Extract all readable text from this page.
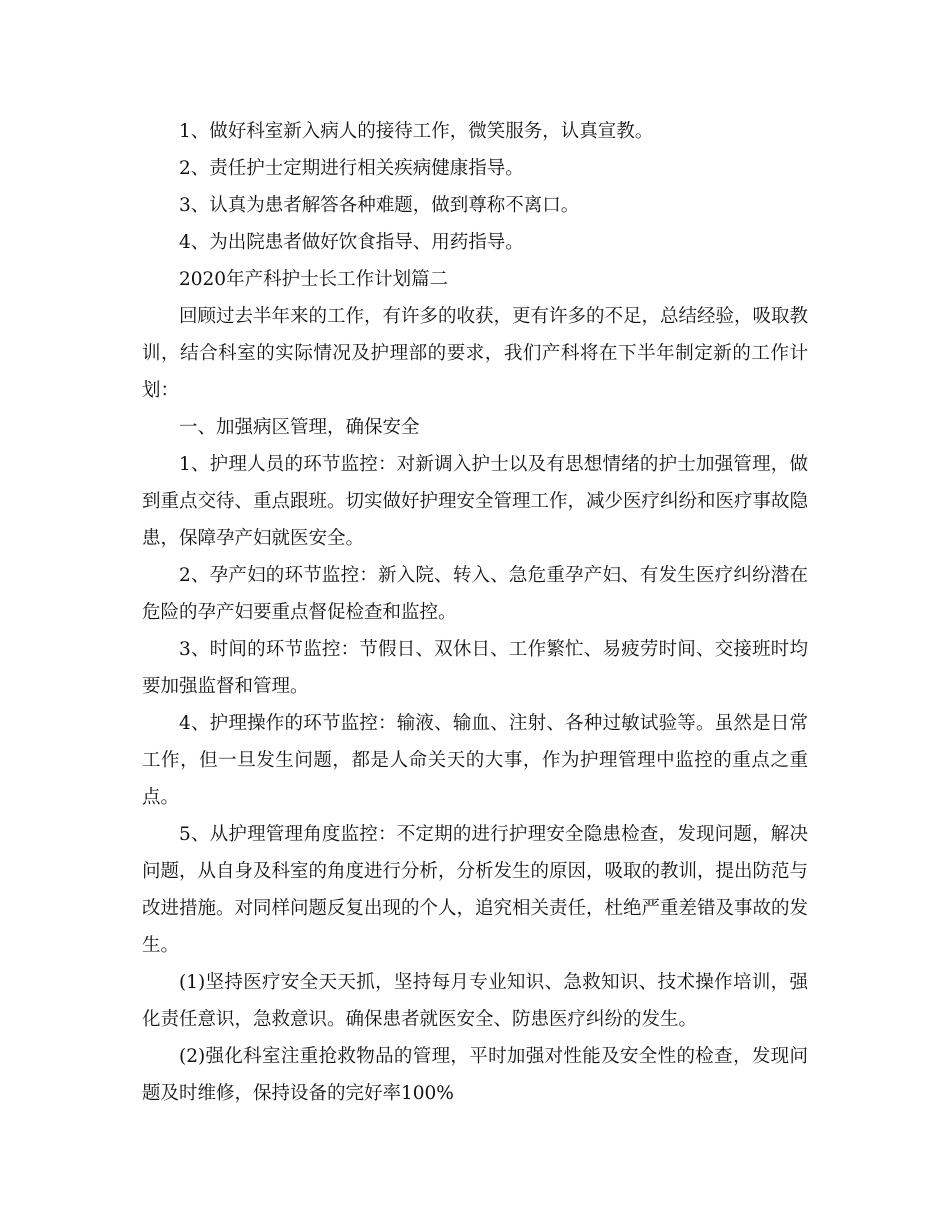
1、做好科室新入病人的接待工作，微笑服务，认真宣教。

2、责任护士定期进行相关疾病健康指导。

3、认真为患者解答各种难题，做到尊称不离口。

4、为出院患者做好饮食指导、用药指导。

2020年产科护士长工作计划篇二

回顾过去半年来的工作，有许多的收获，更有许多的不足，总结经验，吸取教训，结合科室的实际情况及护理部的要求，我们产科将在下半年制定新的工作计划：

一、加强病区管理，确保安全

1、护理人员的环节监控：对新调入护士以及有思想情绪的护士加强管理，做到重点交待、重点跟班。切实做好护理安全管理工作，减少医疗纠纷和医疗事故隐患，保障孕产妇就医安全。

2、孕产妇的环节监控：新入院、转入、急危重孕产妇、有发生医疗纠纷潜在危险的孕产妇要重点督促检查和监控。

3、时间的环节监控：节假日、双休日、工作繁忙、易疲劳时间、交接班时均要加强监督和管理。

4、护理操作的环节监控：输液、输血、注射、各种过敏试验等。虽然是日常工作，但一旦发生问题，都是人命关天的大事，作为护理管理中监控的重点之重点。

5、从护理管理角度监控：不定期的进行护理安全隐患检查，发现问题，解决问题，从自身及科室的角度进行分析，分析发生的原因，吸取的教训，提出防范与改进措施。对同样问题反复出现的个人，追究相关责任，杜绝严重差错及事故的发生。

(1)坚持医疗安全天天抓，坚持每月专业知识、急救知识、技术操作培训，强化责任意识，急救意识。确保患者就医安全、防患医疗纠纷的发生。

(2)强化科室注重抢救物品的管理，平时加强对性能及安全性的检查，发现问题及时维修，保持设备的完好率100%
